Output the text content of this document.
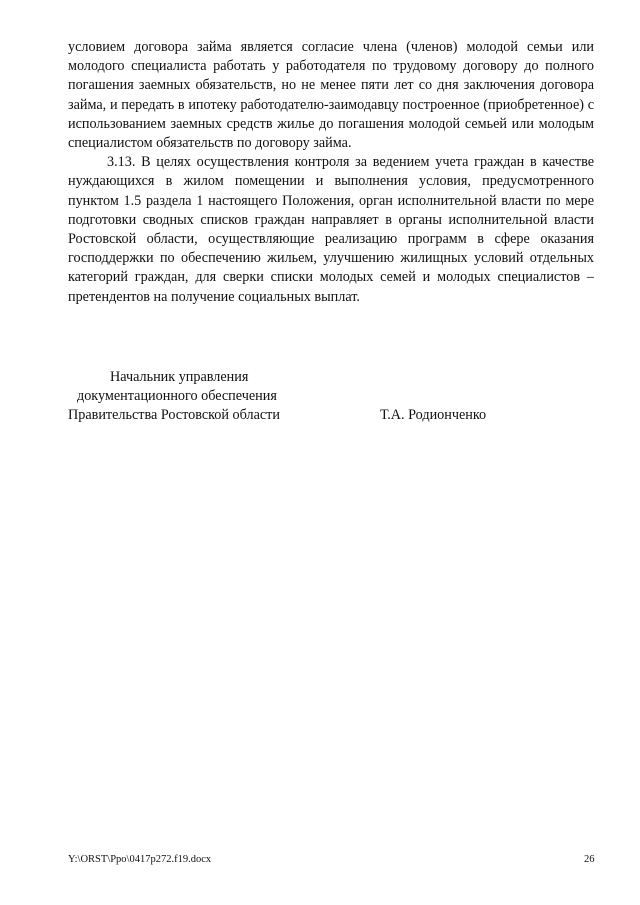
условием договора займа является согласие члена (членов) молодой семьи или молодого специалиста работать у работодателя по трудовому договору до полного погашения заемных обязательств, но не менее пяти лет со дня заключения договора займа, и передать в ипотеку работодателю-заимодавцу построенное (приобретенное) с использованием заемных средств жилье до погашения молодой семьей или молодым специалистом обязательств по договору займа.

3.13. В целях осуществления контроля за ведением учета граждан в качестве нуждающихся в жилом помещении и выполнения условия, предусмотренного пунктом 1.5 раздела 1 настоящего Положения, орган исполнительной власти по мере подготовки сводных списков граждан направляет в органы исполнительной власти Ростовской области, осуществляющие реализацию программ в сфере оказания господдержки по обеспечению жильем, улучшению жилищных условий отдельных категорий граждан, для сверки списки молодых семей и молодых специалистов – претендентов на получение социальных выплат.

Начальник управления
документационного обеспечения
Правительства Ростовской области	Т.А. Родионченко
Y:\ORST\Ppo\0417p272.f19.docx	26
